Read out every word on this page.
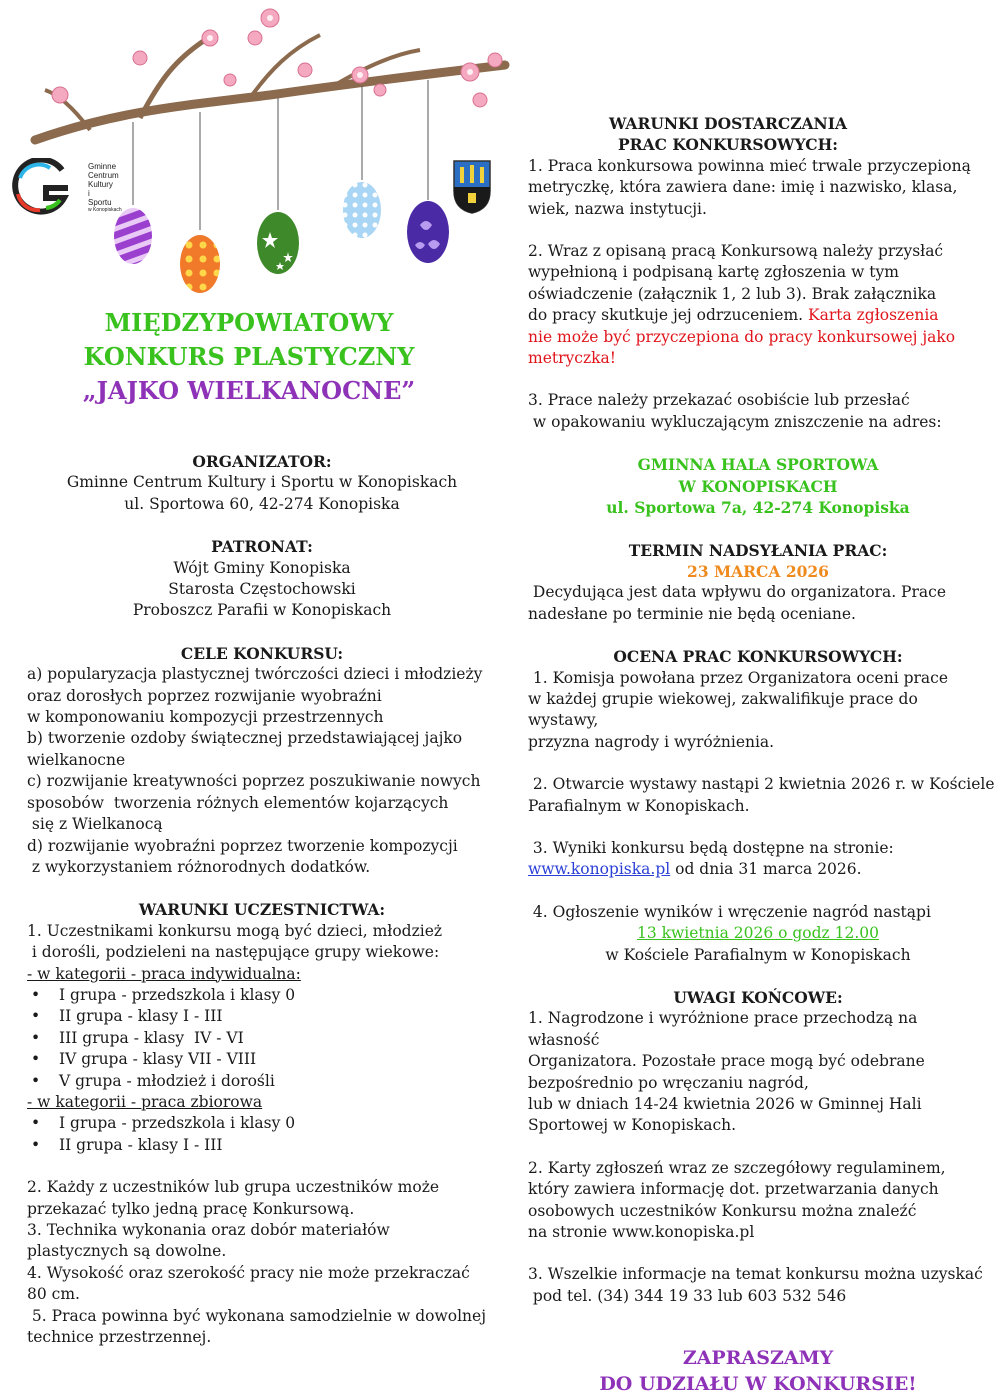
Gminne
Centrum
Kultury
i
Sportu
w Konopiskach
MIĘDZYPOWIATOWY
KONKURS PLASTYCZNY
„JAJKO WIELKANOCNE”
ORGANIZATOR:
Gminne Centrum Kultury i Sportu w Konopiskach
ul. Sportowa 60, 42-274 Konopiska
PATRONAT:
Wójt Gminy Konopiska
Starosta Częstochowski
Proboszcz Parafii w Konopiskach
CELE KONKURSU:
a) popularyzacja plastycznej twórczości dzieci i młodzieży
oraz dorosłych poprzez rozwijanie wyobraźni
w komponowaniu kompozycji przestrzennych
b) tworzenie ozdoby świątecznej przedstawiającej jajko
wielkanocne
c) rozwijanie kreatywności poprzez poszukiwanie nowych
sposobów  tworzenia różnych elementów kojarzących
się z Wielkanocą
d) rozwijanie wyobraźni poprzez tworzenie kompozycji
z wykorzystaniem różnorodnych dodatków.
WARUNKI UCZESTNICTWA:
1. Uczestnikami konkursu mogą być dzieci, młodzież
i dorośli, podzieleni na następujące grupy wiekowe:
- w kategorii - praca indywidualna:
• I grupa - przedszkola i klasy 0
• II grupa - klasy I - III
• III grupa - klasy  IV - VI
• IV grupa - klasy VII - VIII
• V grupa - młodzież i dorośli
- w kategorii - praca zbiorowa
• I grupa - przedszkola i klasy 0
• II grupa - klasy I - III
2. Każdy z uczestników lub grupa uczestników może
przekazać tylko jedną pracę Konkursową.
3. Technika wykonania oraz dobór materiałów
plastycznych są dowolne.
4. Wysokość oraz szerokość pracy nie może przekraczać
80 cm.
5. Praca powinna być wykonana samodzielnie w dowolnej
technice przestrzennej.
WARUNKI DOSTARCZANIA
PRAC KONKURSOWYCH:
1. Praca konkursowa powinna mieć trwale przyczepioną
metryczkę, która zawiera dane: imię i nazwisko, klasa,
wiek, nazwa instytucji.
2. Wraz z opisaną pracą Konkursową należy przysłać
wypełnioną i podpisaną kartę zgłoszenia w tym
oświadczenie (załącznik 1, 2 lub 3). Brak załącznika
do pracy skutkuje jej odrzuceniem. Karta zgłoszenia
nie może być przyczepiona do pracy konkursowej jako
metryczka!
3. Prace należy przekazać osobiście lub przesłać
w opakowaniu wykluczającym zniszczenie na adres:
GMINNA HALA SPORTOWA
W KONOPISKACH
ul. Sportowa 7a, 42-274 Konopiska
TERMIN NADSYŁANIA PRAC:
23 MARCA 2026
Decydująca jest data wpływu do organizatora. Prace
nadesłane po terminie nie będą oceniane.
OCENA PRAC KONKURSOWYCH:
1. Komisja powołana przez Organizatora oceni prace
w każdej grupie wiekowej, zakwalifikuje prace do wystawy,
przyzna nagrody i wyróżnienia.
2. Otwarcie wystawy nastąpi 2 kwietnia 2026 r. w Kościele
Parafialnym w Konopiskach.
3. Wyniki konkursu będą dostępne na stronie:
www.konopiska.pl od dnia 31 marca 2026.
4. Ogłoszenie wyników i wręczenie nagród nastąpi
13 kwietnia 2026 o godz 12.00
w Kościele Parafialnym w Konopiskach
UWAGI KOŃCOWE:
1. Nagrodzone i wyróżnione prace przechodzą na własność
Organizatora. Pozostałe prace mogą być odebrane
bezpośrednio po wręczaniu nagród,
lub w dniach 14-24 kwietnia 2026 w Gminnej Hali
Sportowej w Konopiskach.
2. Karty zgłoszeń wraz ze szczegółowy regulaminem,
który zawiera informację dot. przetwarzania danych
osobowych uczestników Konkursu można znaleźć
na stronie www.konopiska.pl
3. Wszelkie informacje na temat konkursu można uzyskać
pod tel. (34) 344 19 33 lub 603 532 546
ZAPRASZAMY
DO UDZIAŁU W KONKURSIE!
